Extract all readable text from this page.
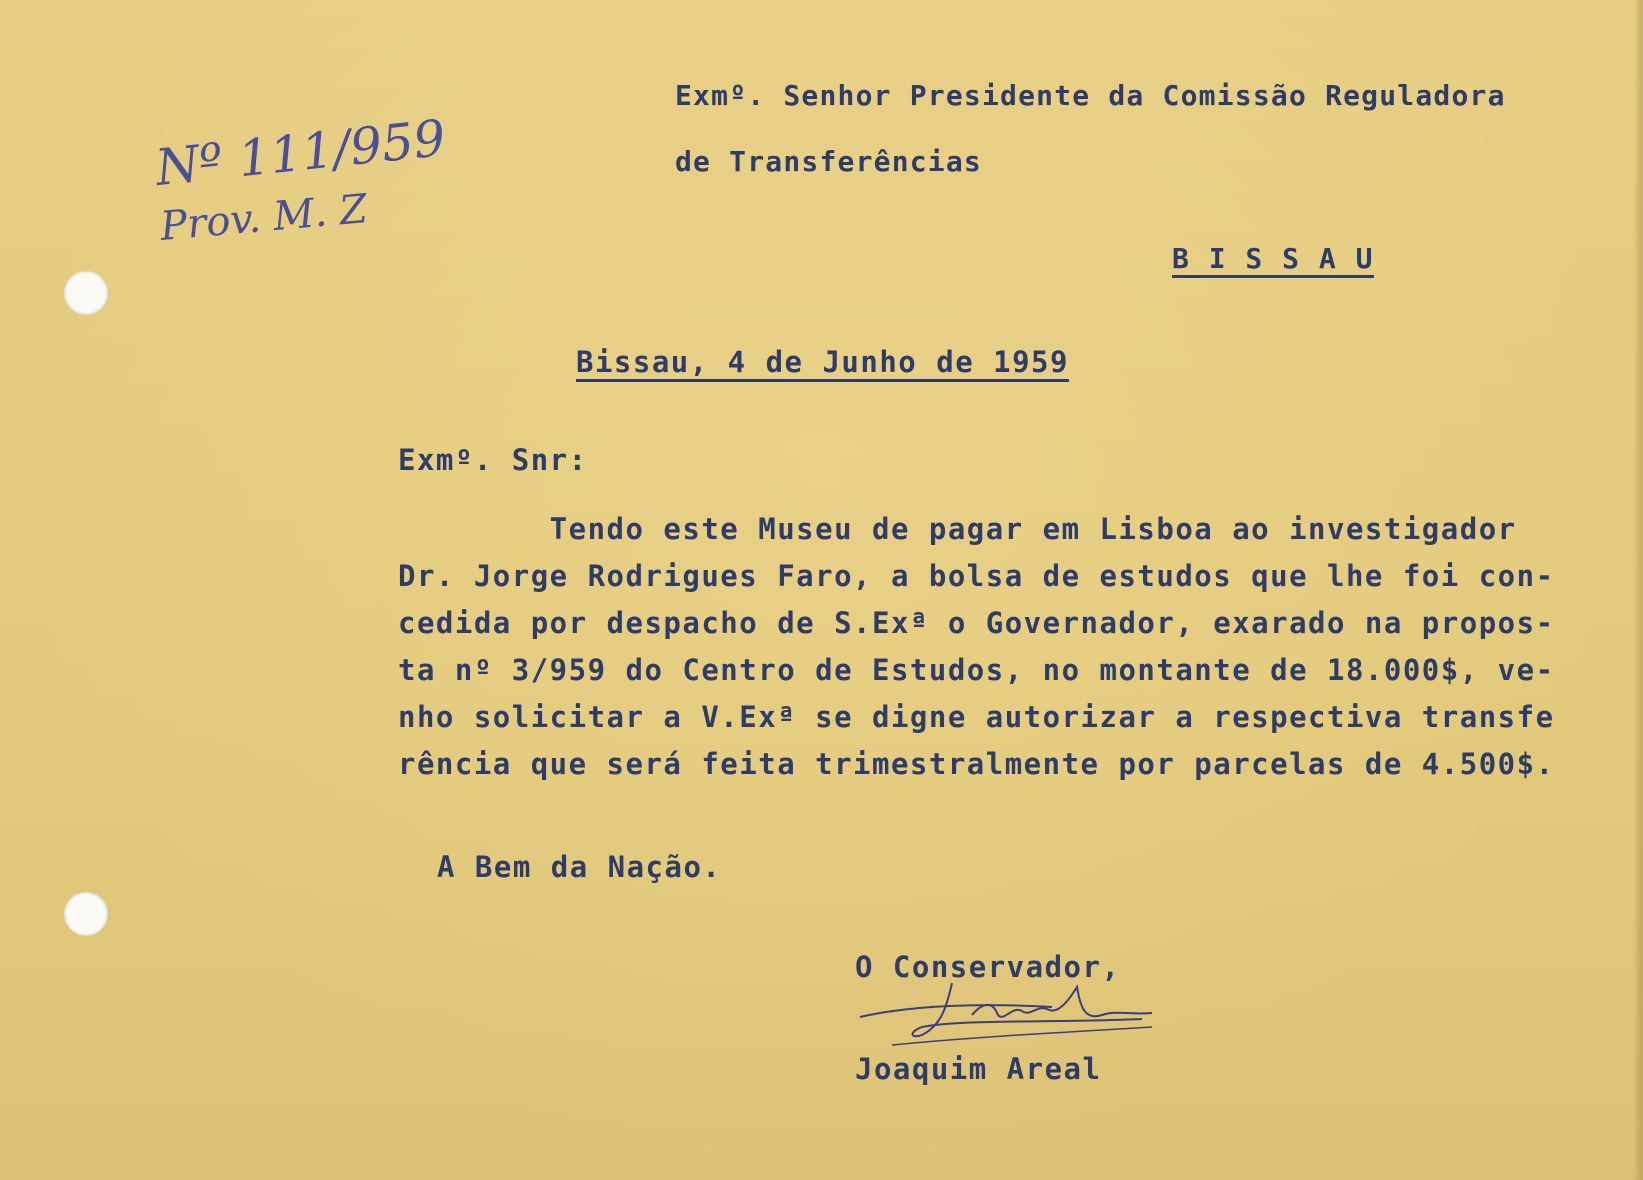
Nº 111/959
Prov. M. Z
Exmº. Senhor Presidente da Comissão Reguladora
de Transferências
B I S S A U
Bissau, 4 de Junho de 1959
Exmº. Snr:
Tendo este Museu de pagar em Lisboa ao investigador
Dr. Jorge Rodrigues Faro, a bolsa de estudos que lhe foi con-
cedida por despacho de S.Exª o Governador, exarado na propos-
ta nº 3/959 do Centro de Estudos, no montante de 18.000$, ve-
nho solicitar a V.Exª se digne autorizar a respectiva transfe
rência que será feita trimestralmente por parcelas de 4.500$.
A Bem da Nação.
O Conservador,
Joaquim Areal
